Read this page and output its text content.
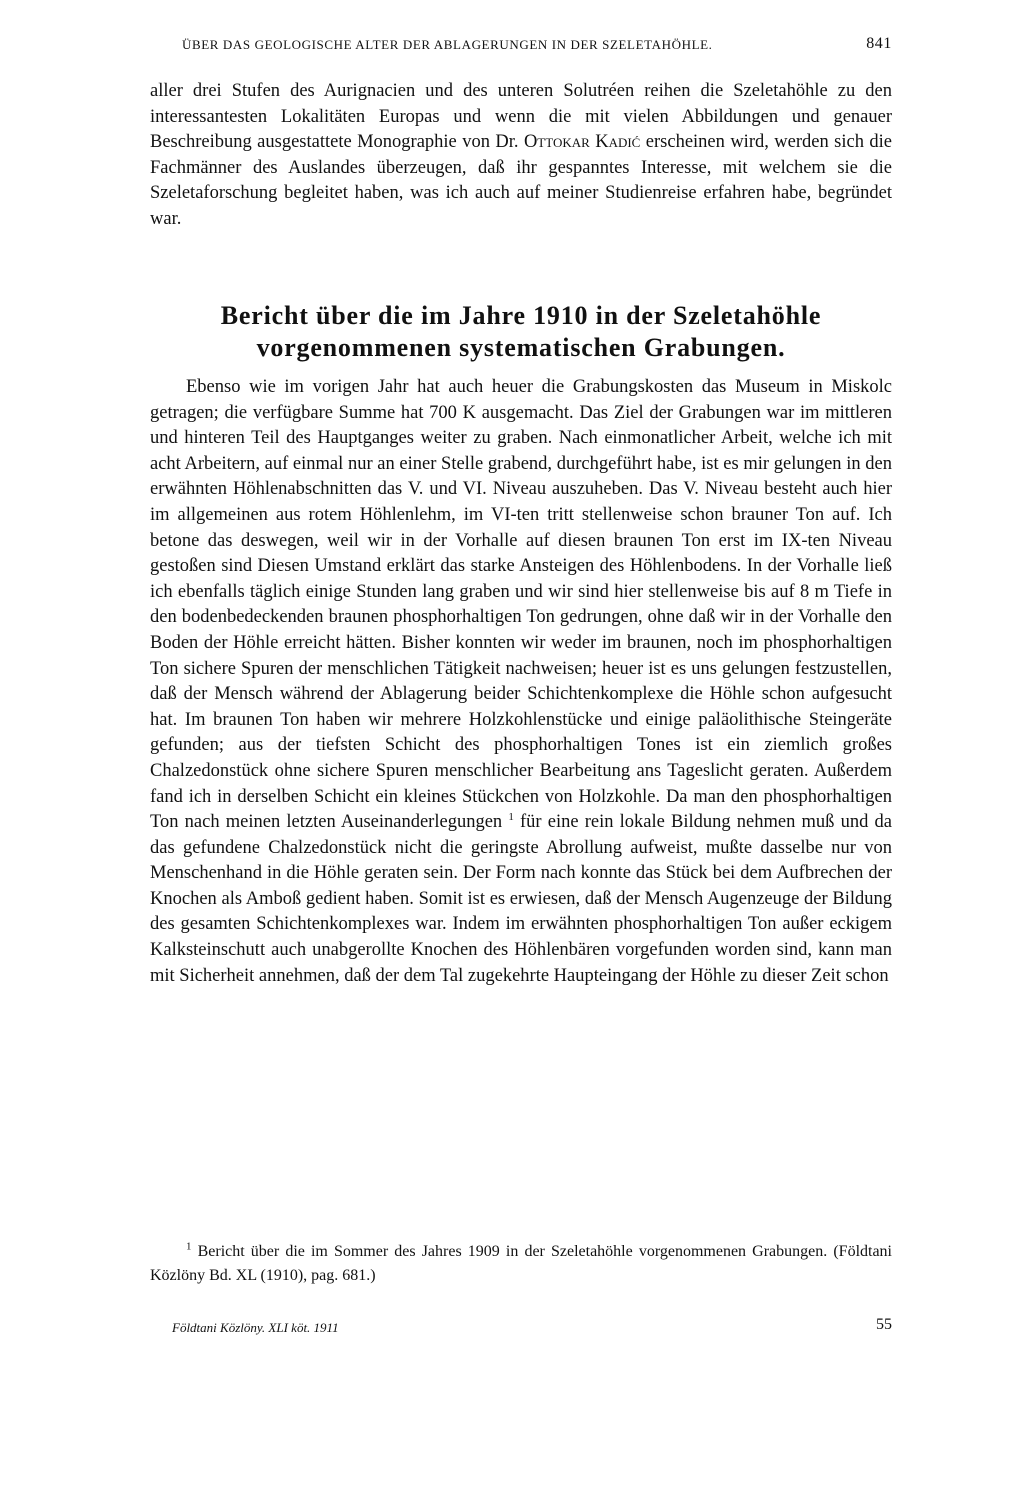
ÜBER DAS GEOLOGISCHE ALTER DER ABLAGERUNGEN IN DER SZELETAHÖHLE.	841

aller drei Stufen des Aurignacien und des unteren Solutréen reihen die Szeletahöhle zu den interessantesten Lokalitäten Europas und wenn die mit vielen Abbildungen und genauer Beschreibung ausgestattete Monographie von Dr. Ottokar Kadić erscheinen wird, werden sich die Fachmänner des Auslandes überzeugen, daß ihr gespanntes Interesse, mit welchem sie die Szeletaforschung begleitet haben, was ich auch auf meiner Studienreise erfahren habe, begründet war.

Bericht über die im Jahre 1910 in der Szeletahöhle
vorgenommenen systematischen Grabungen.

Ebenso wie im vorigen Jahr hat auch heuer die Grabungskosten das Museum in Miskolc getragen; die verfügbare Summe hat 700 K ausgemacht. Das Ziel der Grabungen war im mittleren und hinteren Teil des Hauptganges weiter zu graben. Nach einmonatlicher Arbeit, welche ich mit acht Arbeitern, auf einmal nur an einer Stelle grabend, durchgeführt habe, ist es mir gelungen in den erwähnten Höhlenabschnitten das V. und VI. Niveau auszuheben. Das V. Niveau besteht auch hier im allgemeinen aus rotem Höhlenlehm, im VI-ten tritt stellenweise schon brauner Ton auf. Ich betone das deswegen, weil wir in der Vorhalle auf diesen braunen Ton erst im IX-ten Niveau gestoßen sind Diesen Umstand erklärt das starke Ansteigen des Höhlenbodens. In der Vorhalle ließ ich ebenfalls täglich einige Stunden lang graben und wir sind hier stellenweise bis auf 8 m Tiefe in den bodenbedeckenden braunen phosphorhaltigen Ton gedrungen, ohne daß wir in der Vorhalle den Boden der Höhle erreicht hätten. Bisher konnten wir weder im braunen, noch im phosphorhaltigen Ton sichere Spuren der menschlichen Tätigkeit nachweisen; heuer ist es uns gelungen festzustellen, daß der Mensch während der Ablagerung beider Schichtenkomplexe die Höhle schon aufgesucht hat. Im braunen Ton haben wir mehrere Holzkohlenstücke und einige paläolithische Steingeräte gefunden; aus der tiefsten Schicht des phosphorhaltigen Tones ist ein ziemlich großes Chalzedonstück ohne sichere Spuren menschlicher Bearbeitung ans Tageslicht geraten. Außerdem fand ich in derselben Schicht ein kleines Stückchen von Holzkohle. Da man den phosphorhaltigen Ton nach meinen letzten Auseinanderlegungen $^1$ für eine rein lokale Bildung nehmen muß und da das gefundene Chalzedonstück nicht die geringste Abrollung aufweist, mußte dasselbe nur von Menschenhand in die Höhle geraten sein. Der Form nach konnte das Stück bei dem Aufbrechen der Knochen als Amboß gedient haben. Somit ist es erwiesen, daß der Mensch Augenzeuge der Bildung des gesamten Schichtenkomplexes war. Indem im erwähnten phosphorhaltigen Ton außer eckigem Kalksteinschutt auch unabgerollte Knochen des Höhlenbären vorgefunden worden sind, kann man mit Sicherheit annehmen, daß der dem Tal zugekehrte Haupteingang der Höhle zu dieser Zeit schon

$^1$ Bericht über die im Sommer des Jahres 1909 in der Szeletahöhle vorgenommenen Grabungen. (Földtani Közlöny Bd. XL (1910), pag. 681.)

Földtani Közlöny. XLI köt. 1911	55
